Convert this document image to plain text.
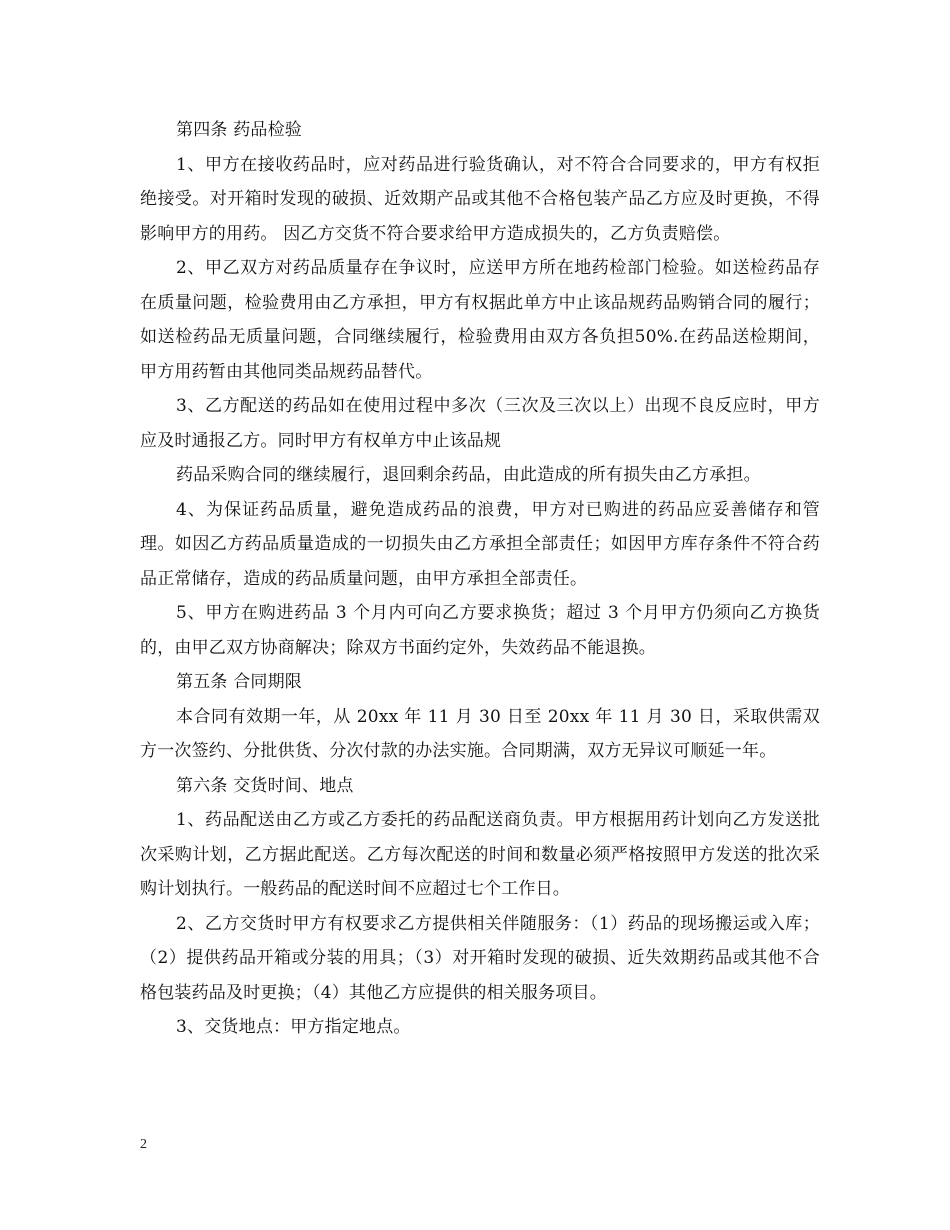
第四条 药品检验

1、甲方在接收药品时，应对药品进行验货确认，对不符合合同要求的，甲方有权拒绝接受。对开箱时发现的破损、近效期产品或其他不合格包装产品乙方应及时更换，不得影响甲方的用药。 因乙方交货不符合要求给甲方造成损失的，乙方负责赔偿。

2、甲乙双方对药品质量存在争议时，应送甲方所在地药检部门检验。如送检药品存在质量问题，检验费用由乙方承担，甲方有权据此单方中止该品规药品购销合同的履行；如送检药品无质量问题，合同继续履行，检验费用由双方各负担50%.在药品送检期间，甲方用药暂由其他同类品规药品替代。

3、乙方配送的药品如在使用过程中多次（三次及三次以上）出现不良反应时，甲方应及时通报乙方。同时甲方有权单方中止该品规

药品采购合同的继续履行，退回剩余药品，由此造成的所有损失由乙方承担。

4、为保证药品质量，避免造成药品的浪费，甲方对已购进的药品应妥善储存和管理。如因乙方药品质量造成的一切损失由乙方承担全部责任；如因甲方库存条件不符合药品正常储存，造成的药品质量问题，由甲方承担全部责任。

5、甲方在购进药品 3 个月内可向乙方要求换货；超过 3 个月甲方仍须向乙方换货的，由甲乙双方协商解决；除双方书面约定外，失效药品不能退换。

第五条 合同期限

本合同有效期一年，从 20xx 年 11 月 30 日至 20xx 年 11 月 30 日，采取供需双方一次签约、分批供货、分次付款的办法实施。合同期满，双方无异议可顺延一年。

第六条 交货时间、地点

1、药品配送由乙方或乙方委托的药品配送商负责。甲方根据用药计划向乙方发送批次采购计划，乙方据此配送。乙方每次配送的时间和数量必须严格按照甲方发送的批次采购计划执行。一般药品的配送时间不应超过七个工作日。

2、乙方交货时甲方有权要求乙方提供相关伴随服务：（1）药品的现场搬运或入库； （2）提供药品开箱或分装的用具；（3）对开箱时发现的破损、近失效期药品或其他不合格包装药品及时更换；（4）其他乙方应提供的相关服务项目。

3、交货地点：甲方指定地点。

2
